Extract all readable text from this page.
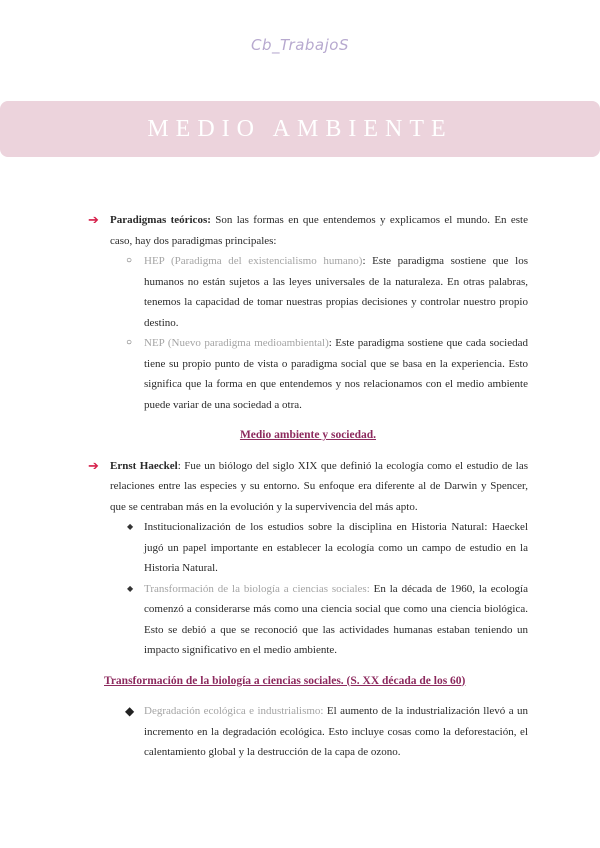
Cb_TrabajoS
MEDIO AMBIENTE

➔ Paradigmas teóricos: Son las formas en que entendemos y explicamos el mundo. En este caso, hay dos paradigmas principales:

○ HEP (Paradigma del existencialismo humano): Este paradigma sostiene que los humanos no están sujetos a las leyes universales de la naturaleza. En otras palabras, tenemos la capacidad de tomar nuestras propias decisiones y controlar nuestro propio destino.

○ NEP (Nuevo paradigma medioambiental): Este paradigma sostiene que cada sociedad tiene su propio punto de vista o paradigma social que se basa en la experiencia. Esto significa que la forma en que entendemos y nos relacionamos con el medio ambiente puede variar de una sociedad a otra.

Medio ambiente y sociedad.

➔ Ernst Haeckel: Fue un biólogo del siglo XIX que definió la ecología como el estudio de las relaciones entre las especies y su entorno. Su enfoque era diferente al de Darwin y Spencer, que se centraban más en la evolución y la supervivencia del más apto.

◆ Institucionalización de los estudios sobre la disciplina en Historia Natural: Haeckel jugó un papel importante en establecer la ecología como un campo de estudio en la Historia Natural.

◆ Transformación de la biología a ciencias sociales: En la década de 1960, la ecología comenzó a considerarse más como una ciencia social que como una ciencia biológica. Esto se debió a que se reconoció que las actividades humanas estaban teniendo un impacto significativo en el medio ambiente.

Transformación de la biología a ciencias sociales. (S. XX década de los 60)

◆ Degradación ecológica e industrialismo: El aumento de la industrialización llevó a un incremento en la degradación ecológica. Esto incluye cosas como la deforestación, el calentamiento global y la destrucción de la capa de ozono.
